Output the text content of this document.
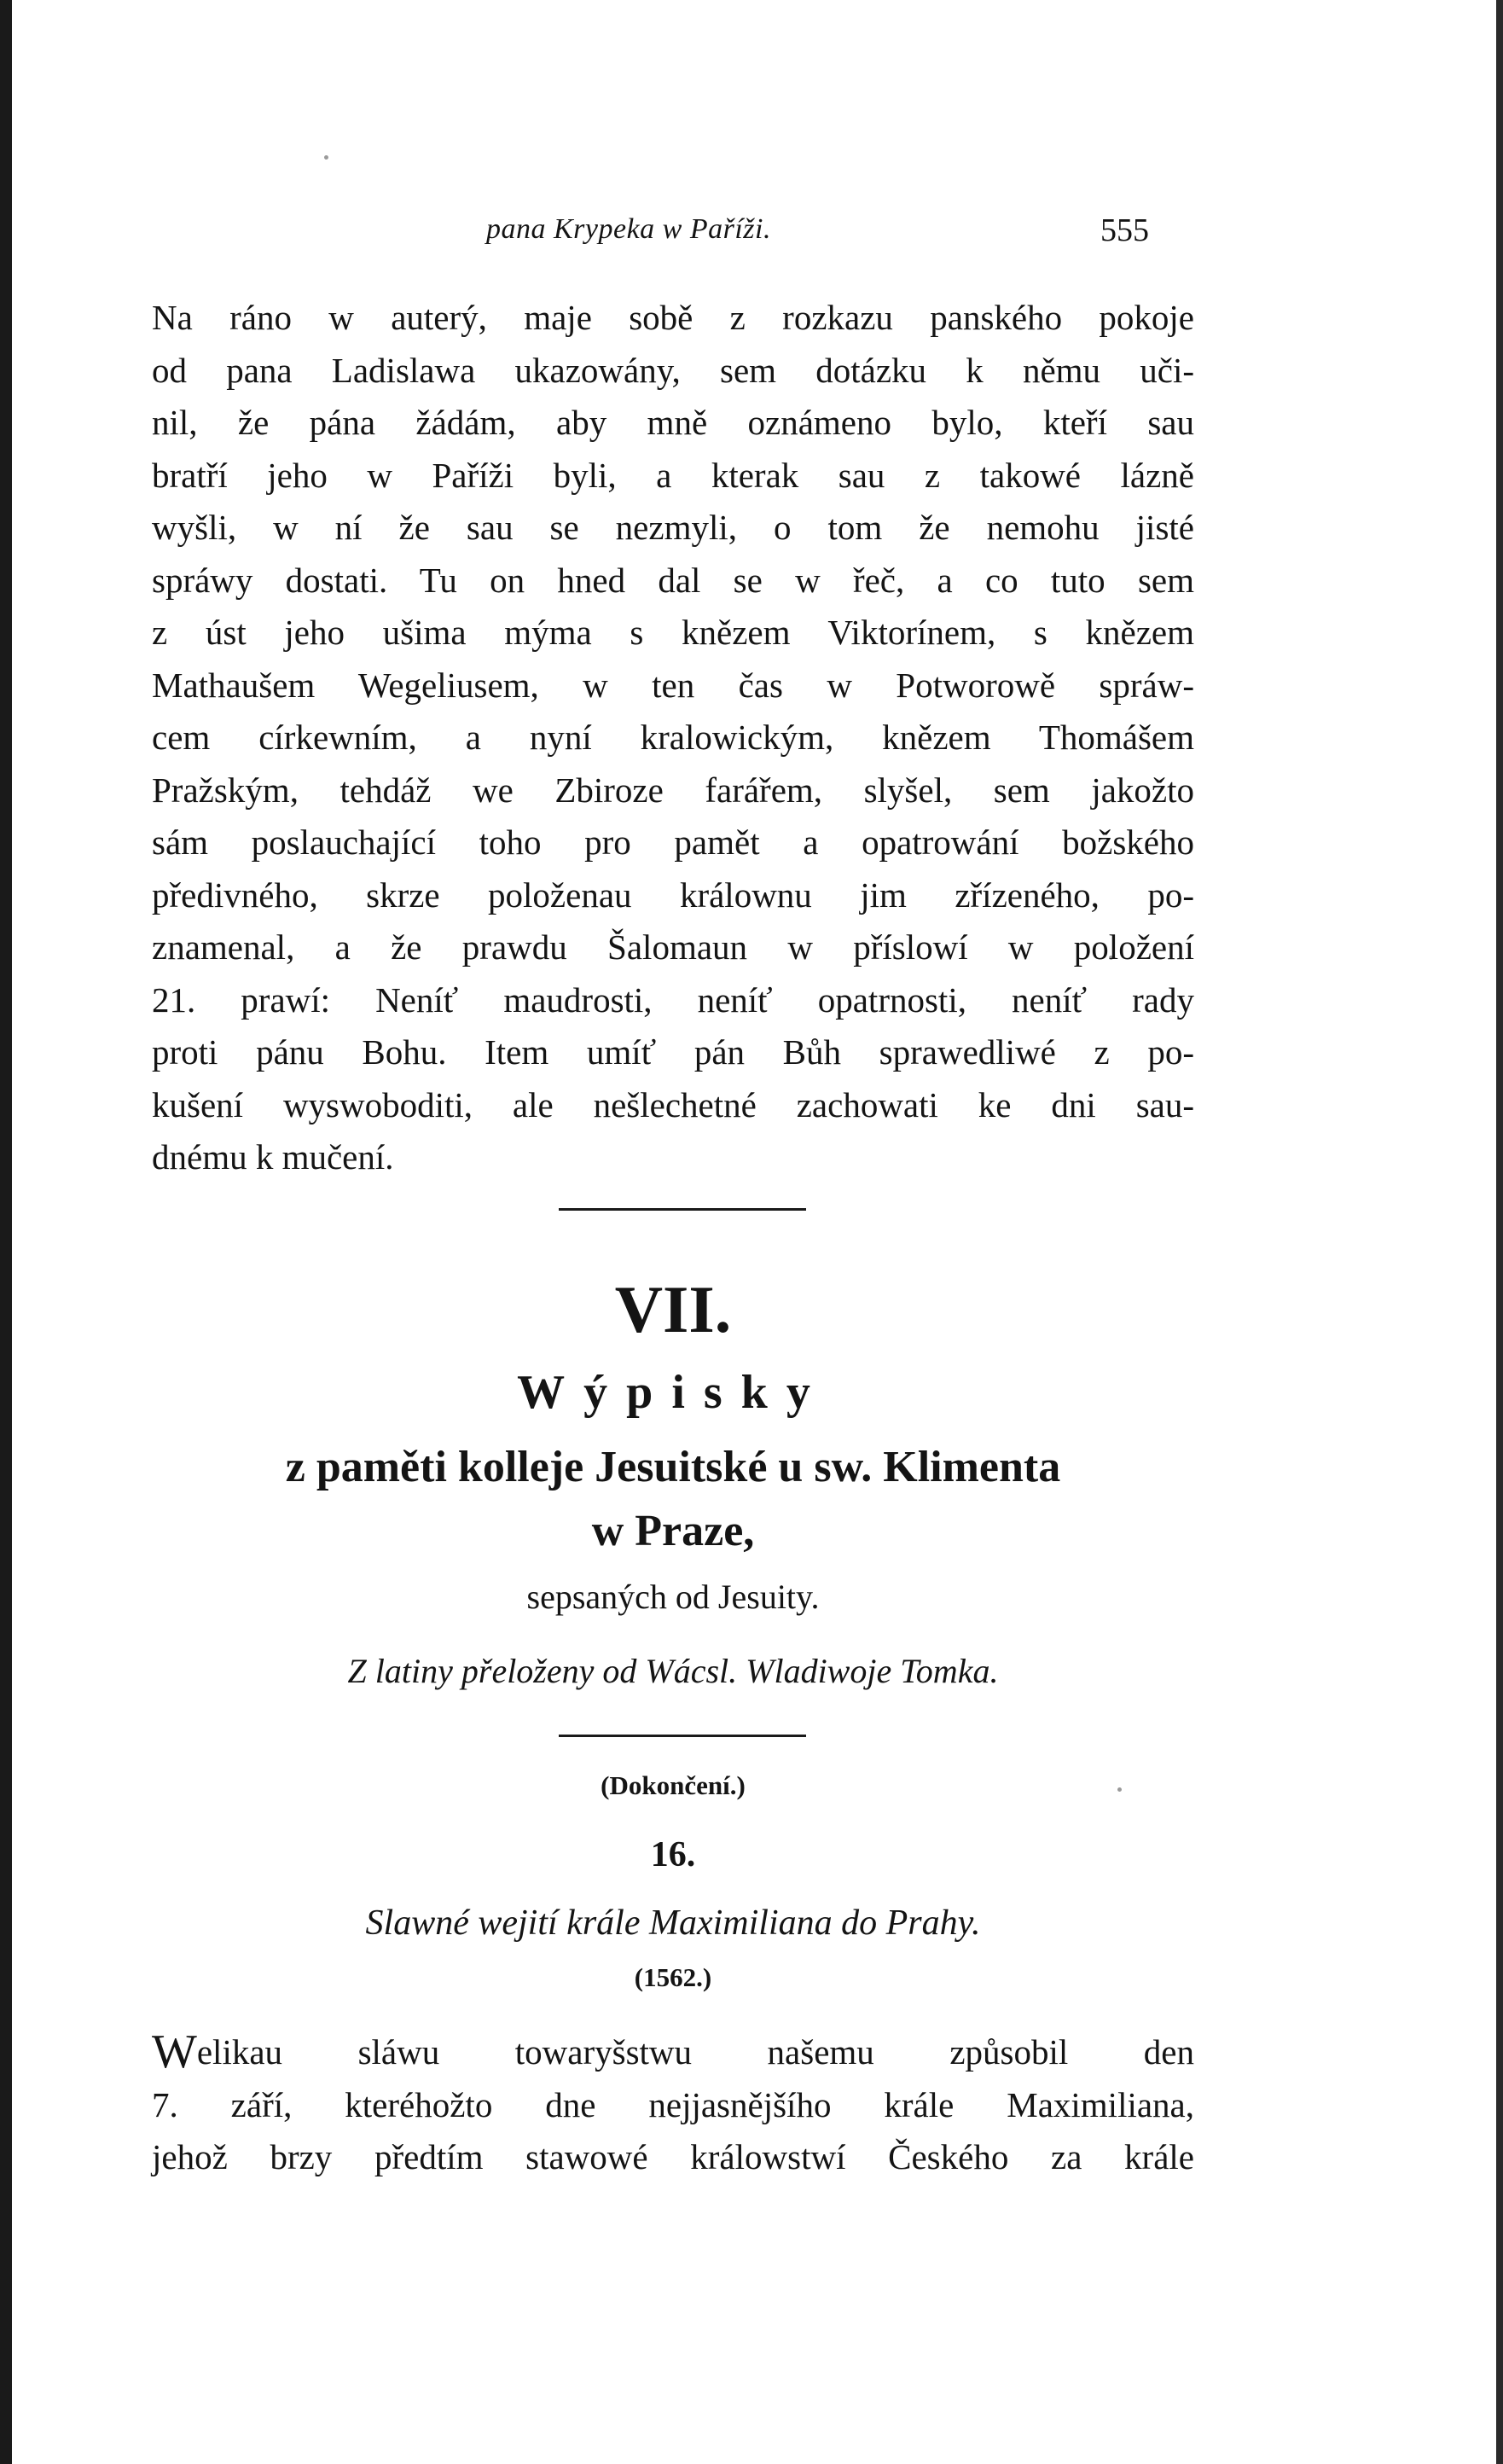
pana Krypeka w Paříži.	555
Na ráno w auterý, maje sobě z rozkazu panského pokoje
od pana Ladislawa ukazowány, sem dotázku k němu uči-
nil, že pána žádám, aby mně oznámeno bylo, kteří sau
bratří jeho w Paříži byli, a kterak sau z takowé lázně
wyšli, w ní že sau se nezmyli, o tom že nemohu jisté
spráwy dostati. Tu on hned dal se w řeč, a co tuto sem
z úst jeho ušima mýma s knězem Viktorínem, s knězem
Mathaušem Wegeliusem, w ten čas w Potworowě spráw-
cem církewním, a nyní kralowickým, knězem Thomášem
Pražským, tehdáž we Zbiroze farářem, slyšel, sem jakožto
sám poslauchající toho pro pamět a opatrowání božského
předivného, skrze položenau králownu jim zřízeného, po-
znamenal, a že prawdu Šalomaun w příslowí w položení
21. prawí: Neníť maudrosti, neníť opatrnosti, neníť rady
proti pánu Bohu. Item umíť pán Bůh sprawedliwé z po-
kušení wyswoboditi, ale nešlechetné zachowati ke dni sau-
dnému k mučení.
VII.
Wýpisky
z paměti kolleje Jesuitské u sw. Klimenta
w Praze,
sepsaných od Jesuity.
Z latiny přeloženy od Wácsl. Wladiwoje Tomka.
(Dokončení.)
16.
Slawné wejití krále Maximiliana do Prahy.
(1562.)
Welikau sláwu towaryšstwu našemu způsobil den
7. září, kteréhožto dne nejjasnějšího krále Maximiliana,
jehož brzy předtím stawowé králowstwí Českého za krále
